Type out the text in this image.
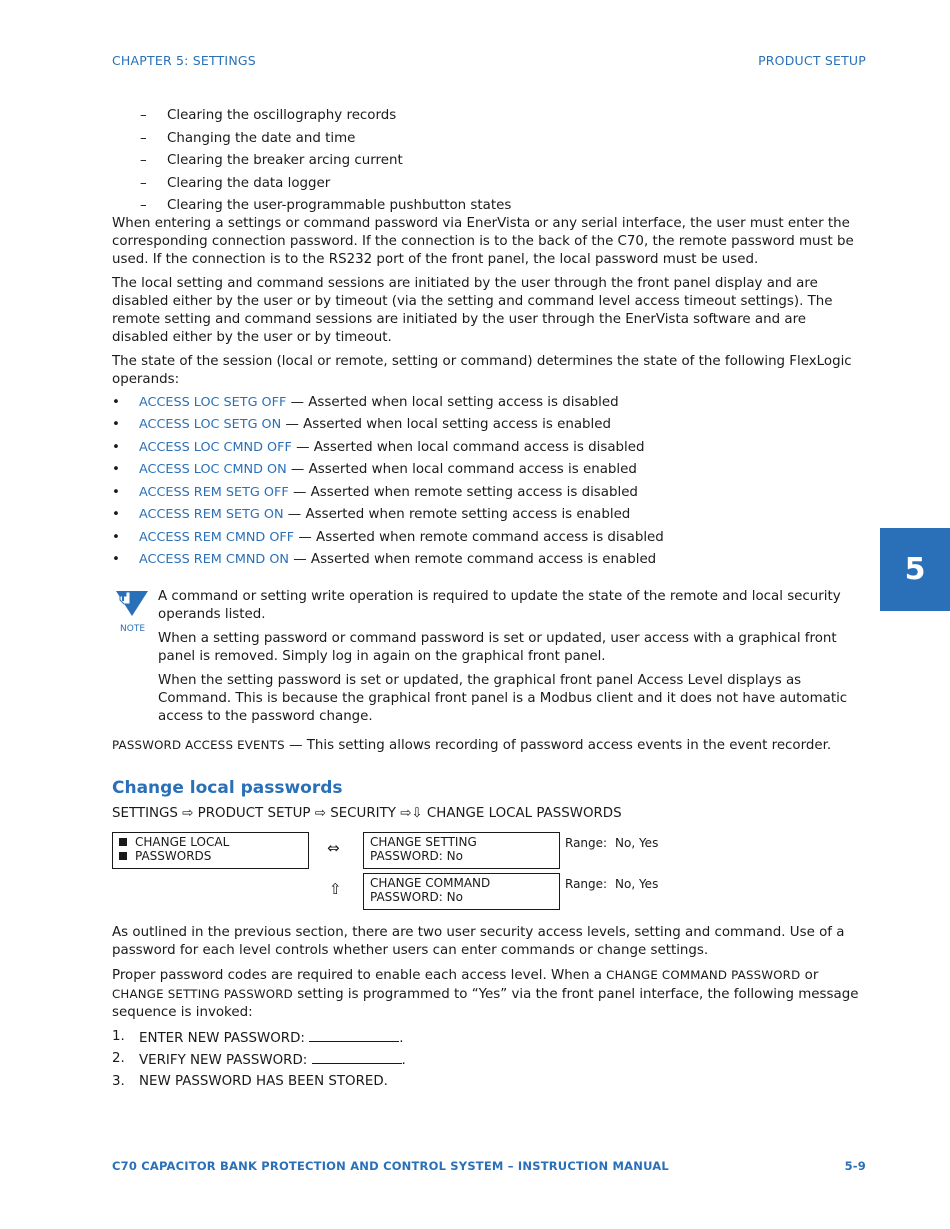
CHAPTER 5: SETTINGS	PRODUCT SETUP
– Clearing the oscillography records
– Changing the date and time
– Clearing the breaker arcing current
– Clearing the data logger
– Clearing the user-programmable pushbutton states

When entering a settings or command password via EnerVista or any serial interface, the user must enter the corresponding connection password. If the connection is to the back of the C70, the remote password must be used. If the connection is to the RS232 port of the front panel, the local password must be used.

The local setting and command sessions are initiated by the user through the front panel display and are disabled either by the user or by timeout (via the setting and command level access timeout settings). The remote setting and command sessions are initiated by the user through the EnerVista software and are disabled either by the user or by timeout.

The state of the session (local or remote, setting or command) determines the state of the following FlexLogic operands:

• ACCESS LOC SETG OFF — Asserted when local setting access is disabled
• ACCESS LOC SETG ON — Asserted when local setting access is enabled
• ACCESS LOC CMND OFF — Asserted when local command access is disabled
• ACCESS LOC CMND ON — Asserted when local command access is enabled
• ACCESS REM SETG OFF — Asserted when remote setting access is disabled
• ACCESS REM SETG ON — Asserted when remote setting access is enabled
• ACCESS REM CMND OFF — Asserted when remote command access is disabled
• ACCESS REM CMND ON — Asserted when remote command access is enabled
NOTE

A command or setting write operation is required to update the state of the remote and local security operands listed.

When a setting password or command password is set or updated, user access with a graphical front panel is removed. Simply log in again on the graphical front panel.

When the setting password is set or updated, the graphical front panel Access Level displays as Command. This is because the graphical front panel is a Modbus client and it does not have automatic access to the password change.

PASSWORD ACCESS EVENTS — This setting allows recording of password access events in the event recorder.

Change local passwords
SETTINGS ⇨ PRODUCT SETUP ⇨ SECURITY ⇨⇩ CHANGE LOCAL PASSWORDS
CHANGE LOCAL
PASSWORDS	⇔	CHANGE SETTING
PASSWORD: No
Range: No, Yes
⇧ CHANGE COMMAND
PASSWORD: No
Range: No, Yes

As outlined in the previous section, there are two user security access levels, setting and command. Use of a password for each level controls whether users can enter commands or change settings.

Proper password codes are required to enable each access level. When a CHANGE COMMAND PASSWORD or CHANGE SETTING PASSWORD setting is programmed to “Yes” via the front panel interface, the following message sequence is invoked:

1. ENTER NEW PASSWORD:	.
2. VERIFY NEW PASSWORD:	.
3. NEW PASSWORD HAS BEEN STORED.
5
C70 CAPACITOR BANK PROTECTION AND CONTROL SYSTEM – INSTRUCTION MANUAL	5-9
